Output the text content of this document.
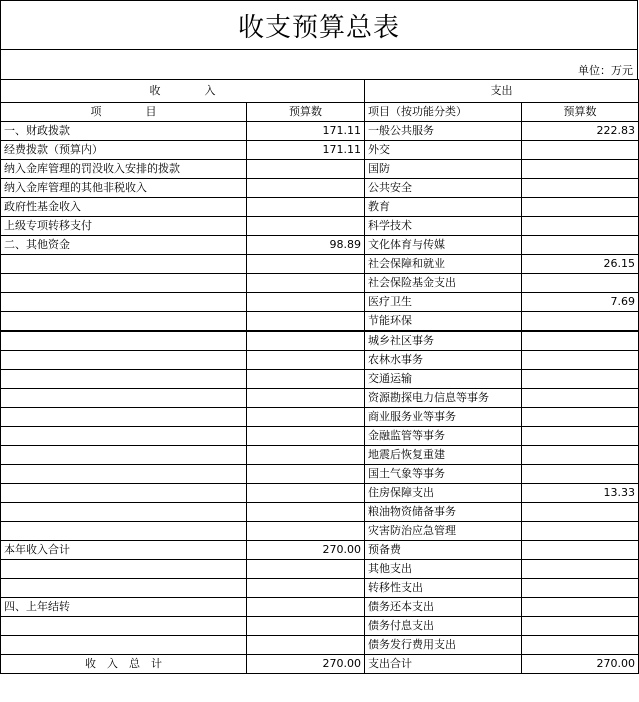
收支预算总表
单位：万元
收　　　　入		支出	
项　　　　目	预算数	项目（按功能分类）	预算数
一、财政拨款	171.11	一般公共服务	222.83
经费拨款（预算内）	171.11	外交	
纳入金库管理的罚没收入安排的拨款		国防	
纳入金库管理的其他非税收入		公共安全	
政府性基金收入		教育	
上级专项转移支付		科学技术	
二、其他资金	98.89	文化体育与传媒	
		社会保障和就业	26.15
		社会保险基金支出	
		医疗卫生	7.69
		节能环保	
		城乡社区事务	
		农林水事务	
		交通运输	
		资源勘探电力信息等事务	
		商业服务业等事务	
		金融监管等事务	
		地震后恢复重建	
		国土气象等事务	
		住房保障支出	13.33
		粮油物资储备事务	
		灾害防治应急管理	
本年收入合计	270.00	预备费	
		其他支出	
		转移性支出	
四、上年结转		债务还本支出	
		债务付息支出	
		债务发行费用支出	
收　入　总　计	270.00	支出合计	270.00
